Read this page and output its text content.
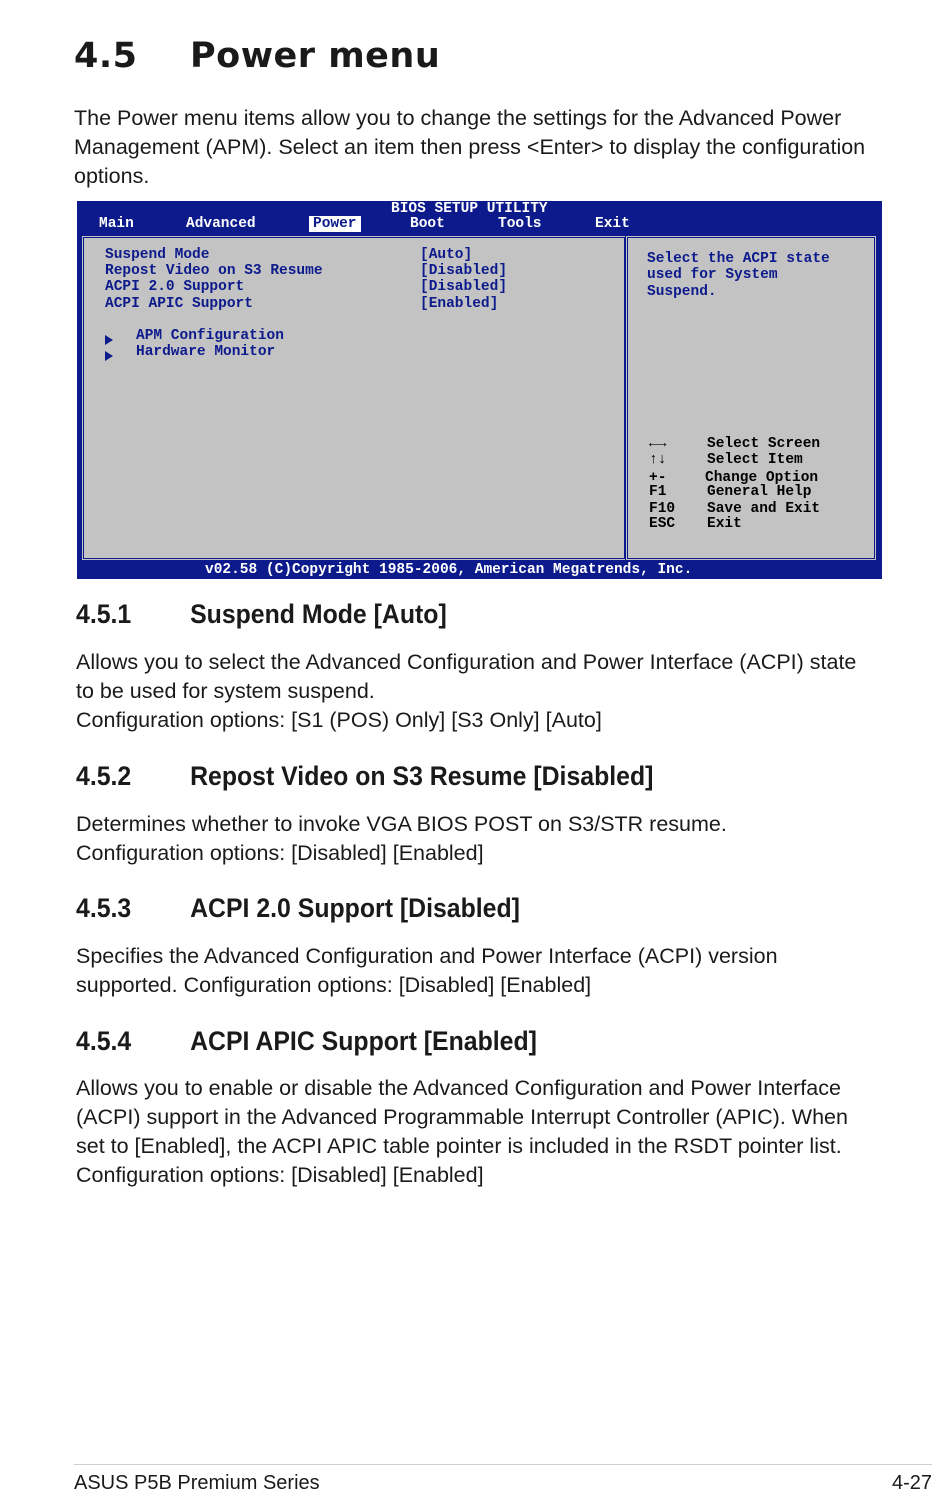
4.5 Power menu
The Power menu items allow you to change the settings for the Advanced Power Management (APM). Select an item then press <Enter> to display the configuration options.
BIOS SETUP UTILITY
Main	Advanced	Power	Boot	Tools	Exit
Suspend Mode	[Auto]
Repost Video on S3 Resume	[Disabled]
ACPI 2.0 Support	[Disabled]
ACPI APIC Support	[Enabled]
APM Configuration
Hardware Monitor
Select the ACPI state
used for System
Suspend.
←→	Select Screen
↑↓	Select Item
+-	Change Option
F1	General Help
F10 Save and Exit
ESC Exit
v02.58 (C)Copyright 1985-2006, American Megatrends, Inc.
4.5.1 Suspend Mode [Auto]
Allows you to select the Advanced Configuration and Power Interface (ACPI) state
to be used for system suspend.
Configuration options: [S1 (POS) Only] [S3 Only] [Auto]
4.5.2 Repost Video on S3 Resume [Disabled]
Determines whether to invoke VGA BIOS POST on S3/STR resume.
Configuration options: [Disabled] [Enabled]
4.5.3 ACPI 2.0 Support [Disabled]
Specifies the Advanced Configuration and Power Interface (ACPI) version
supported. Configuration options: [Disabled] [Enabled]
4.5.4 ACPI APIC Support [Enabled]
Allows you to enable or disable the Advanced Configuration and Power Interface
(ACPI) support in the Advanced Programmable Interrupt Controller (APIC). When
set to [Enabled], the ACPI APIC table pointer is included in the RSDT pointer list.
Configuration options: [Disabled] [Enabled]
ASUS P5B Premium Series	4-27
